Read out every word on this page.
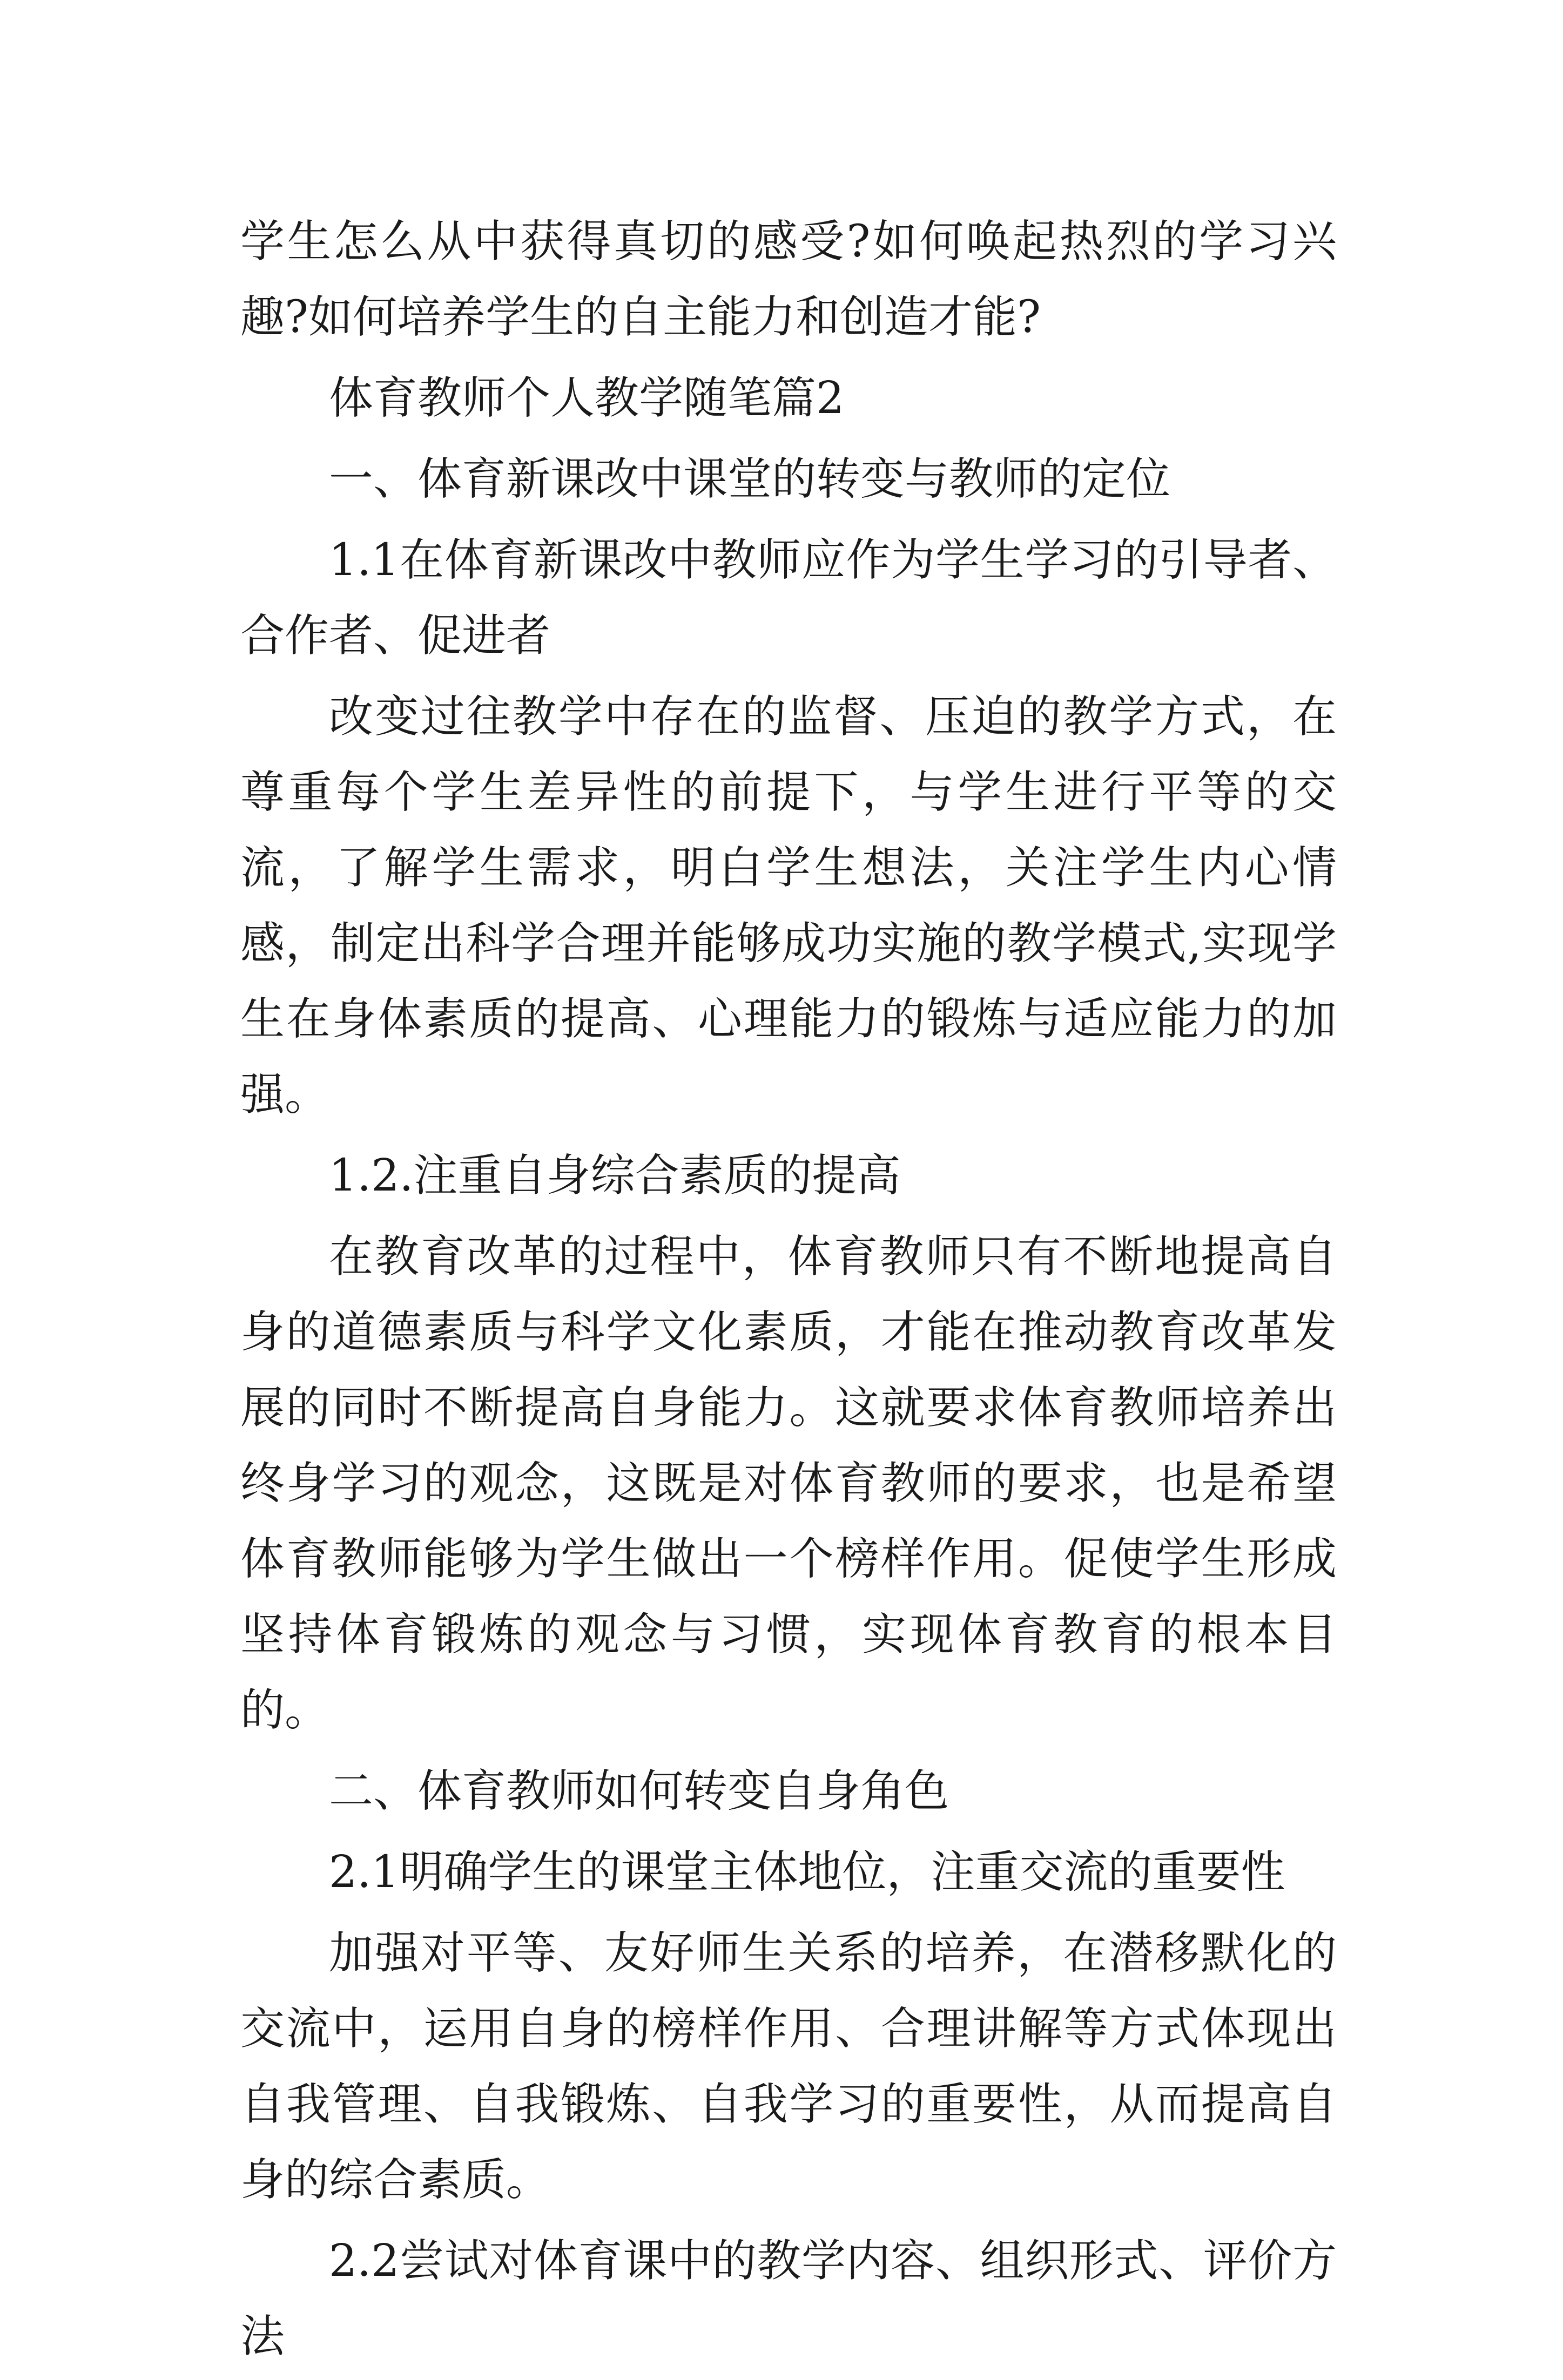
学生怎么从中获得真切的感受?如何唤起热烈的学习兴趣?如何培养学生的自主能力和创造才能?

体育教师个人教学随笔篇2

一、体育新课改中课堂的转变与教师的定位

1.1在体育新课改中教师应作为学生学习的引导者、合作者、促进者

改变过往教学中存在的监督、压迫的教学方式，在尊重每个学生差异性的前提下，与学生进行平等的交流，了解学生需求，明白学生想法，关注学生内心情感，制定出科学合理并能够成功实施的教学模式,实现学生在身体素质的提高、心理能力的锻炼与适应能力的加强。

1.2.注重自身综合素质的提高

在教育改革的过程中，体育教师只有不断地提高自身的道德素质与科学文化素质，才能在推动教育改革发展的同时不断提高自身能力。这就要求体育教师培养出终身学习的观念，这既是对体育教师的要求，也是希望体育教师能够为学生做出一个榜样作用。促使学生形成坚持体育锻炼的观念与习惯，实现体育教育的根本目的。

二、体育教师如何转变自身角色

2.1明确学生的课堂主体地位，注重交流的重要性

加强对平等、友好师生关系的培养，在潜移默化的交流中，运用自身的榜样作用、合理讲解等方式体现出自我管理、自我锻炼、自我学习的重要性，从而提高自身的综合素质。

2.2尝试对体育课中的教学内容、组织形式、评价方法
